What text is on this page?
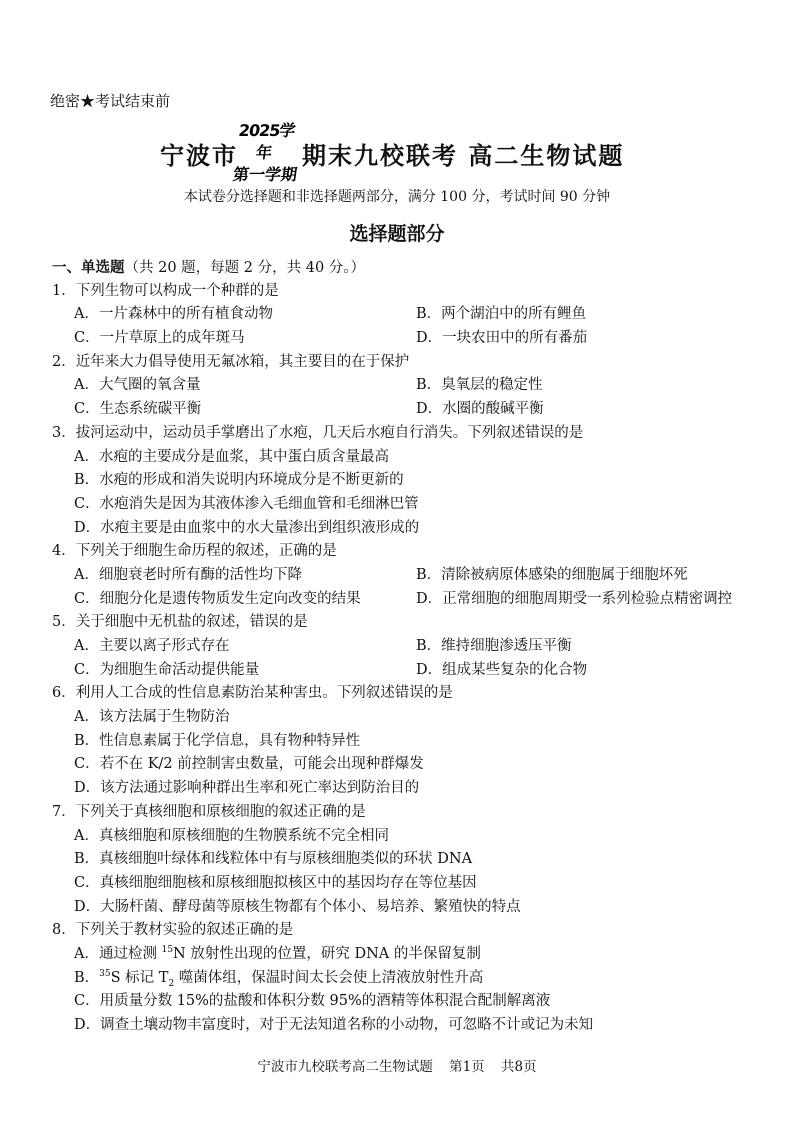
绝密★考试结束前
宁波市
2025学年
第一学期
期末九校联考 高二生物试题
本试卷分选择题和非选择题两部分，满分 100 分，考试时间 90 分钟
选择题部分
一、单选题（共 20 题，每题 2 分，共 40 分。）
1．下列生物可以构成一个种群的是
A．一片森林中的所有植食动物	B．两个湖泊中的所有鲤鱼
C．一片草原上的成年斑马	D．一块农田中的所有番茄
2．近年来大力倡导使用无氟冰箱，其主要目的在于保护
A．大气圈的氧含量	B．臭氧层的稳定性
C．生态系统碳平衡	D．水圈的酸碱平衡
3．拔河运动中，运动员手掌磨出了水疱，几天后水疱自行消失。下列叙述错误的是
A．水疱的主要成分是血浆，其中蛋白质含量最高
B．水疱的形成和消失说明内环境成分是不断更新的
C．水疱消失是因为其液体渗入毛细血管和毛细淋巴管
D．水疱主要是由血浆中的水大量渗出到组织液形成的
4．下列关于细胞生命历程的叙述，正确的是
A．细胞衰老时所有酶的活性均下降	B．清除被病原体感染的细胞属于细胞坏死
C．细胞分化是遗传物质发生定向改变的结果	D．正常细胞的细胞周期受一系列检验点精密调控
5．关于细胞中无机盐的叙述，错误的是
A．主要以离子形式存在	B．维持细胞渗透压平衡
C．为细胞生命活动提供能量	D．组成某些复杂的化合物
6．利用人工合成的性信息素防治某种害虫。下列叙述错误的是
A．该方法属于生物防治
B．性信息素属于化学信息，具有物种特异性
C．若不在 K/2 前控制害虫数量，可能会出现种群爆发
D．该方法通过影响种群出生率和死亡率达到防治目的
7．下列关于真核细胞和原核细胞的叙述正确的是
A．真核细胞和原核细胞的生物膜系统不完全相同
B．真核细胞叶绿体和线粒体中有与原核细胞类似的环状 DNA
C．真核细胞细胞核和原核细胞拟核区中的基因均存在等位基因
D．大肠杆菌、酵母菌等原核生物都有个体小、易培养、繁殖快的特点
8．下列关于教材实验的叙述正确的是
A．通过检测 $^{15}$N 放射性出现的位置，研究 DNA 的半保留复制
B．$^{35}$S 标记 $T_2$ 噬菌体组，保温时间太长会使上清液放射性升高
C．用质量分数 15%的盐酸和体积分数 95%的酒精等体积混合配制解离液
D．调查土壤动物丰富度时，对于无法知道名称的小动物，可忽略不计或记为未知
宁波市九校联考高二生物试题 第1页 共8页
